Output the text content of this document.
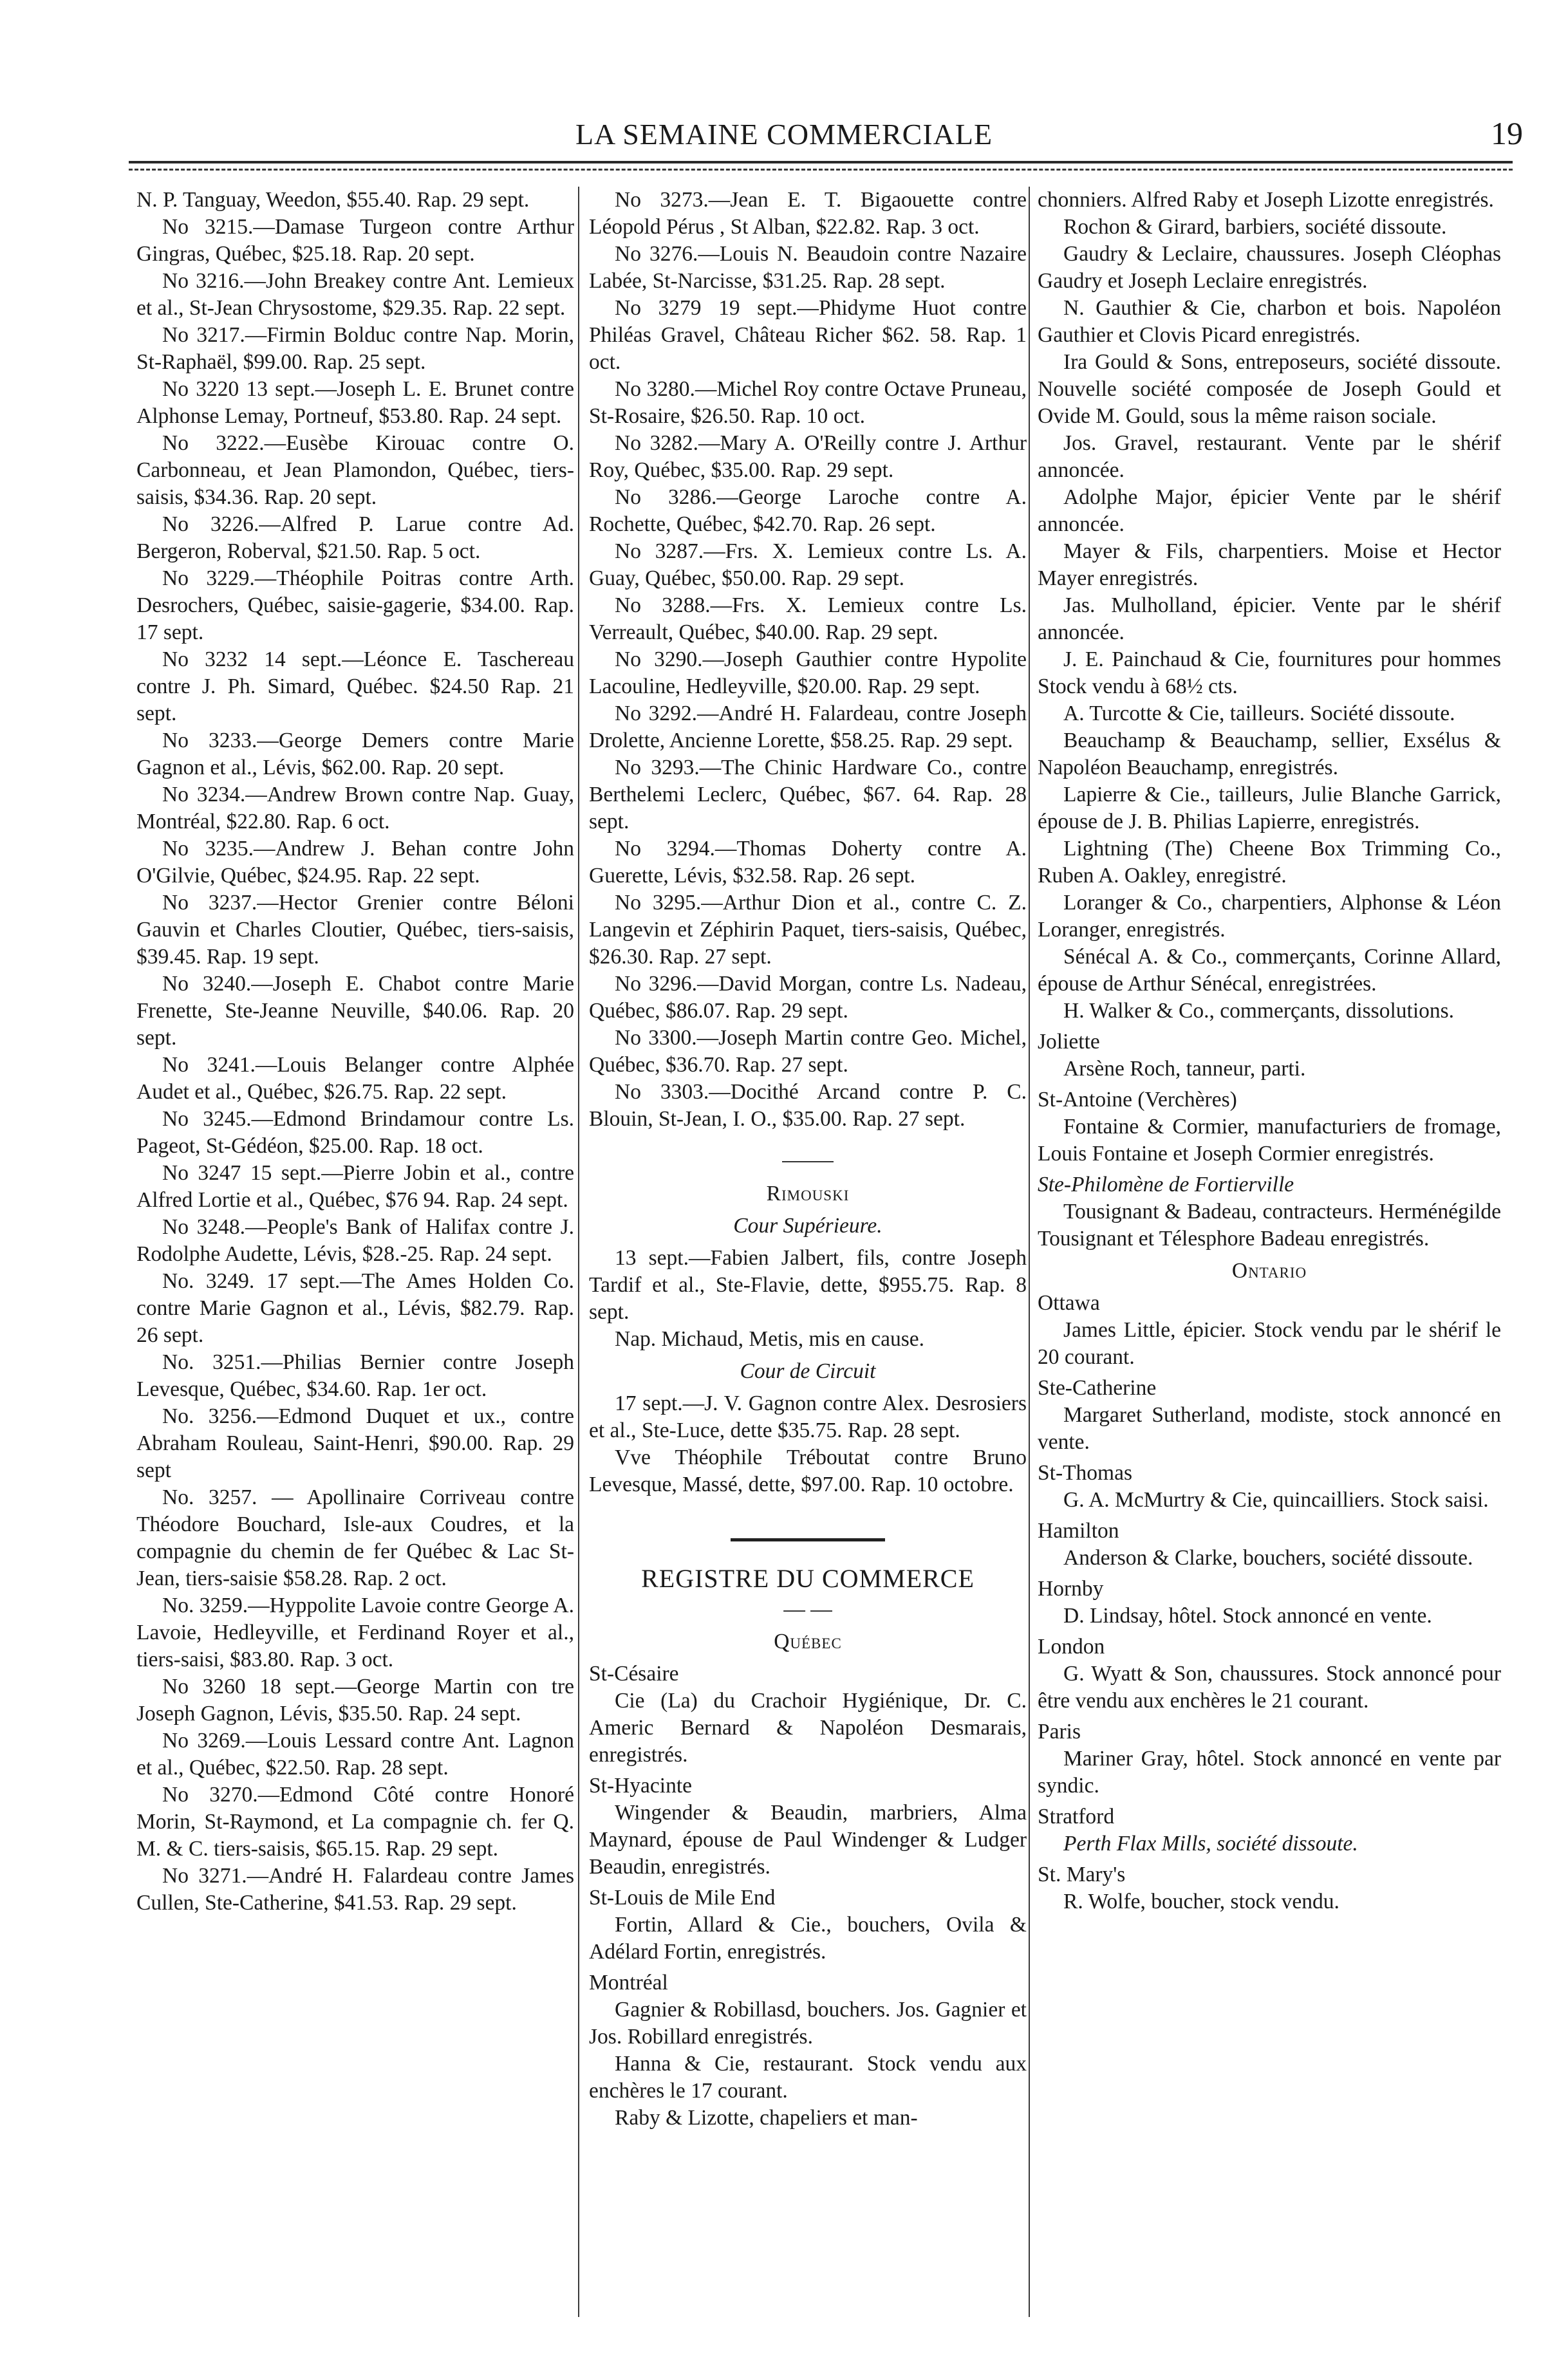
LA SEMAINE COMMERCIALE	19

N. P. Tanguay, Weedon, $55.40. Rap. 29 sept.

No 3215.—Damase Turgeon contre Arthur Gingras, Québec, $25.18. Rap. 20 sept.

No 3216.—John Breakey contre Ant. Lemieux et al., St-Jean Chrysostome, $29.35. Rap. 22 sept.

No 3217.—Firmin Bolduc contre Nap. Morin, St-Raphaël, $99.00. Rap. 25 sept.

No 3220 13 sept.—Joseph L. E. Brunet contre Alphonse Lemay, Portneuf, $53.80. Rap. 24 sept.

No 3222.—Eusèbe Kirouac contre O. Carbonneau, et Jean Plamondon, Québec, tiers-saisis, $34.36. Rap. 20 sept.

No 3226.—Alfred P. Larue contre Ad. Bergeron, Roberval, $21.50. Rap. 5 oct.

No 3229.—Théophile Poitras contre Arth. Desrochers, Québec, saisie-gagerie, $34.00. Rap. 17 sept.

No 3232 14 sept.—Léonce E. Taschereau contre J. Ph. Simard, Québec. $24.50 Rap. 21 sept.

No 3233.—George Demers contre Marie Gagnon et al., Lévis, $62.00. Rap. 20 sept.

No 3234.—Andrew Brown contre Nap. Guay, Montréal, $22.80. Rap. 6 oct.

No 3235.—Andrew J. Behan contre John O'Gilvie, Québec, $24.95. Rap. 22 sept.

No 3237.—Hector Grenier contre Béloni Gauvin et Charles Cloutier, Québec, tiers-saisis, $39.45. Rap. 19 sept.

No 3240.—Joseph E. Chabot contre Marie Frenette, Ste-Jeanne Neuville, $40.06. Rap. 20 sept.

No 3241.—Louis Belanger contre Alphée Audet et al., Québec, $26.75. Rap. 22 sept.

No 3245.—Edmond Brindamour contre Ls. Pageot, St-Gédéon, $25.00. Rap. 18 oct.

No 3247 15 sept.—Pierre Jobin et al., contre Alfred Lortie et al., Québec, $76 94. Rap. 24 sept.

No 3248.—People's Bank of Halifax contre J. Rodolphe Audette, Lévis, $28.-25. Rap. 24 sept.

No. 3249. 17 sept.—The Ames Holden Co. contre Marie Gagnon et al., Lévis, $82.79. Rap. 26 sept.

No. 3251.—Philias Bernier contre Joseph Levesque, Québec, $34.60. Rap. 1er oct.

No. 3256.—Edmond Duquet et ux., contre Abraham Rouleau, Saint-Henri, $90.00. Rap. 29 sept

No. 3257. — Apollinaire Corriveau contre Théodore Bouchard, Isle-aux Coudres, et la compagnie du chemin de fer Québec & Lac St-Jean, tiers-saisie $58.28. Rap. 2 oct.

No. 3259.—Hyppolite Lavoie contre George A. Lavoie, Hedleyville, et Ferdinand Royer et al., tiers-saisi, $83.80. Rap. 3 oct.

No 3260 18 sept.—George Martin con tre Joseph Gagnon, Lévis, $35.50. Rap. 24 sept.

No 3269.—Louis Lessard contre Ant. Lagnon et al., Québec, $22.50. Rap. 28 sept.

No 3270.—Edmond Côté contre Honoré Morin, St-Raymond, et La compagnie ch. fer Q. M. & C. tiers-saisis, $65.15. Rap. 29 sept.

No 3271.—André H. Falardeau contre James Cullen, Ste-Catherine, $41.53. Rap. 29 sept.

No 3273.—Jean E. T. Bigaouette contre Léopold Pérus , St Alban, $22.82. Rap. 3 oct.

No 3276.—Louis N. Beaudoin contre Nazaire Labée, St-Narcisse, $31.25. Rap. 28 sept.

No 3279 19 sept.—Phidyme Huot contre Philéas Gravel, Château Richer $62. 58. Rap. 1 oct.

No 3280.—Michel Roy contre Octave Pruneau, St-Rosaire, $26.50. Rap. 10 oct.

No 3282.—Mary A. O'Reilly contre J. Arthur Roy, Québec, $35.00. Rap. 29 sept.

No 3286.—George Laroche contre A. Rochette, Québec, $42.70. Rap. 26 sept.

No 3287.—Frs. X. Lemieux contre Ls. A. Guay, Québec, $50.00. Rap. 29 sept.

No 3288.—Frs. X. Lemieux contre Ls. Verreault, Québec, $40.00. Rap. 29 sept.

No 3290.—Joseph Gauthier contre Hypolite Lacouline, Hedleyville, $20.00. Rap. 29 sept.

No 3292.—André H. Falardeau, contre Joseph Drolette, Ancienne Lorette, $58.25. Rap. 29 sept.

No 3293.—The Chinic Hardware Co., contre Berthelemi Leclerc, Québec, $67. 64. Rap. 28 sept.

No 3294.—Thomas Doherty contre A. Guerette, Lévis, $32.58. Rap. 26 sept.

No 3295.—Arthur Dion et al., contre C. Z. Langevin et Zéphirin Paquet, tiers-saisis, Québec, $26.30. Rap. 27 sept.

No 3296.—David Morgan, contre Ls. Nadeau, Québec, $86.07. Rap. 29 sept.

No 3300.—Joseph Martin contre Geo. Michel, Québec, $36.70. Rap. 27 sept.

No 3303.—Docithé Arcand contre P. C. Blouin, St-Jean, I. O., $35.00. Rap. 27 sept.

Rimouski

Cour Supérieure.

13 sept.—Fabien Jalbert, fils, contre Joseph Tardif et al., Ste-Flavie, dette, $955.75. Rap. 8 sept.

Nap. Michaud, Metis, mis en cause.

Cour de Circuit

17 sept.—J. V. Gagnon contre Alex. Desrosiers et al., Ste-Luce, dette $35.75. Rap. 28 sept.

Vve Théophile Tréboutat contre Bruno Levesque, Massé, dette, $97.00. Rap. 10 octobre.

REGISTRE DU COMMERCE

— —

Québec

St-Césaire

Cie (La) du Crachoir Hygiénique, Dr. C. Americ Bernard & Napoléon Desmarais, enregistrés.

St-Hyacinte

Wingender & Beaudin, marbriers, Alma Maynard, épouse de Paul Windenger & Ludger Beaudin, enregistrés.

St-Louis de Mile End

Fortin, Allard & Cie., bouchers, Ovila & Adélard Fortin, enregistrés.

Montréal

Gagnier & Robillasd, bouchers. Jos. Gagnier et Jos. Robillard enregistrés.

Hanna & Cie, restaurant. Stock vendu aux enchères le 17 courant.

Raby & Lizotte, chapeliers et man-

chonniers. Alfred Raby et Joseph Lizotte enregistrés.

Rochon & Girard, barbiers, société dissoute.

Gaudry & Leclaire, chaussures. Joseph Cléophas Gaudry et Joseph Leclaire enregistrés.

N. Gauthier & Cie, charbon et bois. Napoléon Gauthier et Clovis Picard enregistrés.

Ira Gould & Sons, entreposeurs, société dissoute. Nouvelle société composée de Joseph Gould et Ovide M. Gould, sous la même raison sociale.

Jos. Gravel, restaurant. Vente par le shérif annoncée.

Adolphe Major, épicier Vente par le shérif annoncée.

Mayer & Fils, charpentiers. Moise et Hector Mayer enregistrés.

Jas. Mulholland, épicier. Vente par le shérif annoncée.

J. E. Painchaud & Cie, fournitures pour hommes Stock vendu à 68½ cts.

A. Turcotte & Cie, tailleurs. Société dissoute.

Beauchamp & Beauchamp, sellier, Exsélus & Napoléon Beauchamp, enregistrés.

Lapierre & Cie., tailleurs, Julie Blanche Garrick, épouse de J. B. Philias Lapierre, enregistrés.

Lightning (The) Cheene Box Trimming Co., Ruben A. Oakley, enregistré.

Loranger & Co., charpentiers, Alphonse & Léon Loranger, enregistrés.

Sénécal A. & Co., commerçants, Corinne Allard, épouse de Arthur Sénécal, enregistrées.

H. Walker & Co., commerçants, dissolutions.

Joliette

Arsène Roch, tanneur, parti.

St-Antoine (Verchères)

Fontaine & Cormier, manufacturiers de fromage, Louis Fontaine et Joseph Cormier enregistrés.

Ste-Philomène de Fortierville

Tousignant & Badeau, contracteurs. Herménégilde Tousignant et Télesphore Badeau enregistrés.

Ontario

Ottawa

James Little, épicier. Stock vendu par le shérif le 20 courant.

Ste-Catherine

Margaret Sutherland, modiste, stock annoncé en vente.

St-Thomas

G. A. McMurtry & Cie, quincailliers. Stock saisi.

Hamilton

Anderson & Clarke, bouchers, société dissoute.

Hornby

D. Lindsay, hôtel. Stock annoncé en vente.

London

G. Wyatt & Son, chaussures. Stock annoncé pour être vendu aux enchères le 21 courant.

Paris

Mariner Gray, hôtel. Stock annoncé en vente par syndic.

Stratford

Perth Flax Mills, société dissoute.

St. Mary's

R. Wolfe, boucher, stock vendu.
